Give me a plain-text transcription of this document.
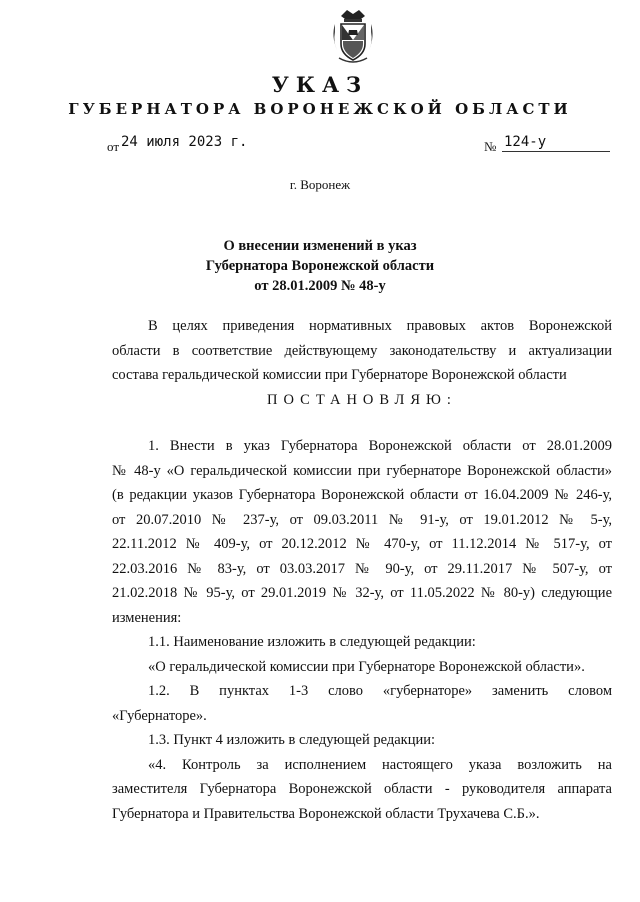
УКАЗ
ГУБЕРНАТОРА ВОРОНЕЖСКОЙ ОБЛАСТИ
от 24 июля 2023 г.	№ 124-у
г. Воронеж
О внесении изменений в указ
Губернатора Воронежской области
от 28.01.2009 № 48-у
В целях приведения нормативных правовых актов Воронежской
области в соответствие действующему законодательству и актуализации
состава геральдической комиссии при Губернаторе Воронежской области
ПОСТАНОВЛЯЮ:
1. Внести в указ Губернатора Воронежской области от 28.01.2009
№ 48-у «О геральдической комиссии при губернаторе Воронежской области»
(в редакции указов Губернатора Воронежской области от 16.04.2009 № 246-у,
от 20.07.2010 № 237-у, от 09.03.2011 № 91-у, от 19.01.2012 № 5-у,
22.11.2012 № 409-у, от 20.12.2012 № 470-у, от 11.12.2014 № 517-у, от
22.03.2016 № 83-у, от 03.03.2017 № 90-у, от 29.11.2017 № 507-у, от
21.02.2018 № 95-у, от 29.01.2019 № 32-у, от 11.05.2022 № 80-у) следующие
изменения:
1.1. Наименование изложить в следующей редакции:
«О геральдической комиссии при Губернаторе Воронежской области».
1.2. В пунктах 1-3 слово «губернаторе» заменить словом
«Губернаторе».
1.3. Пункт 4 изложить в следующей редакции:
«4. Контроль за исполнением настоящего указа возложить на
заместителя Губернатора Воронежской области - руководителя аппарата
Губернатора и Правительства Воронежской области Трухачева С.Б.».
